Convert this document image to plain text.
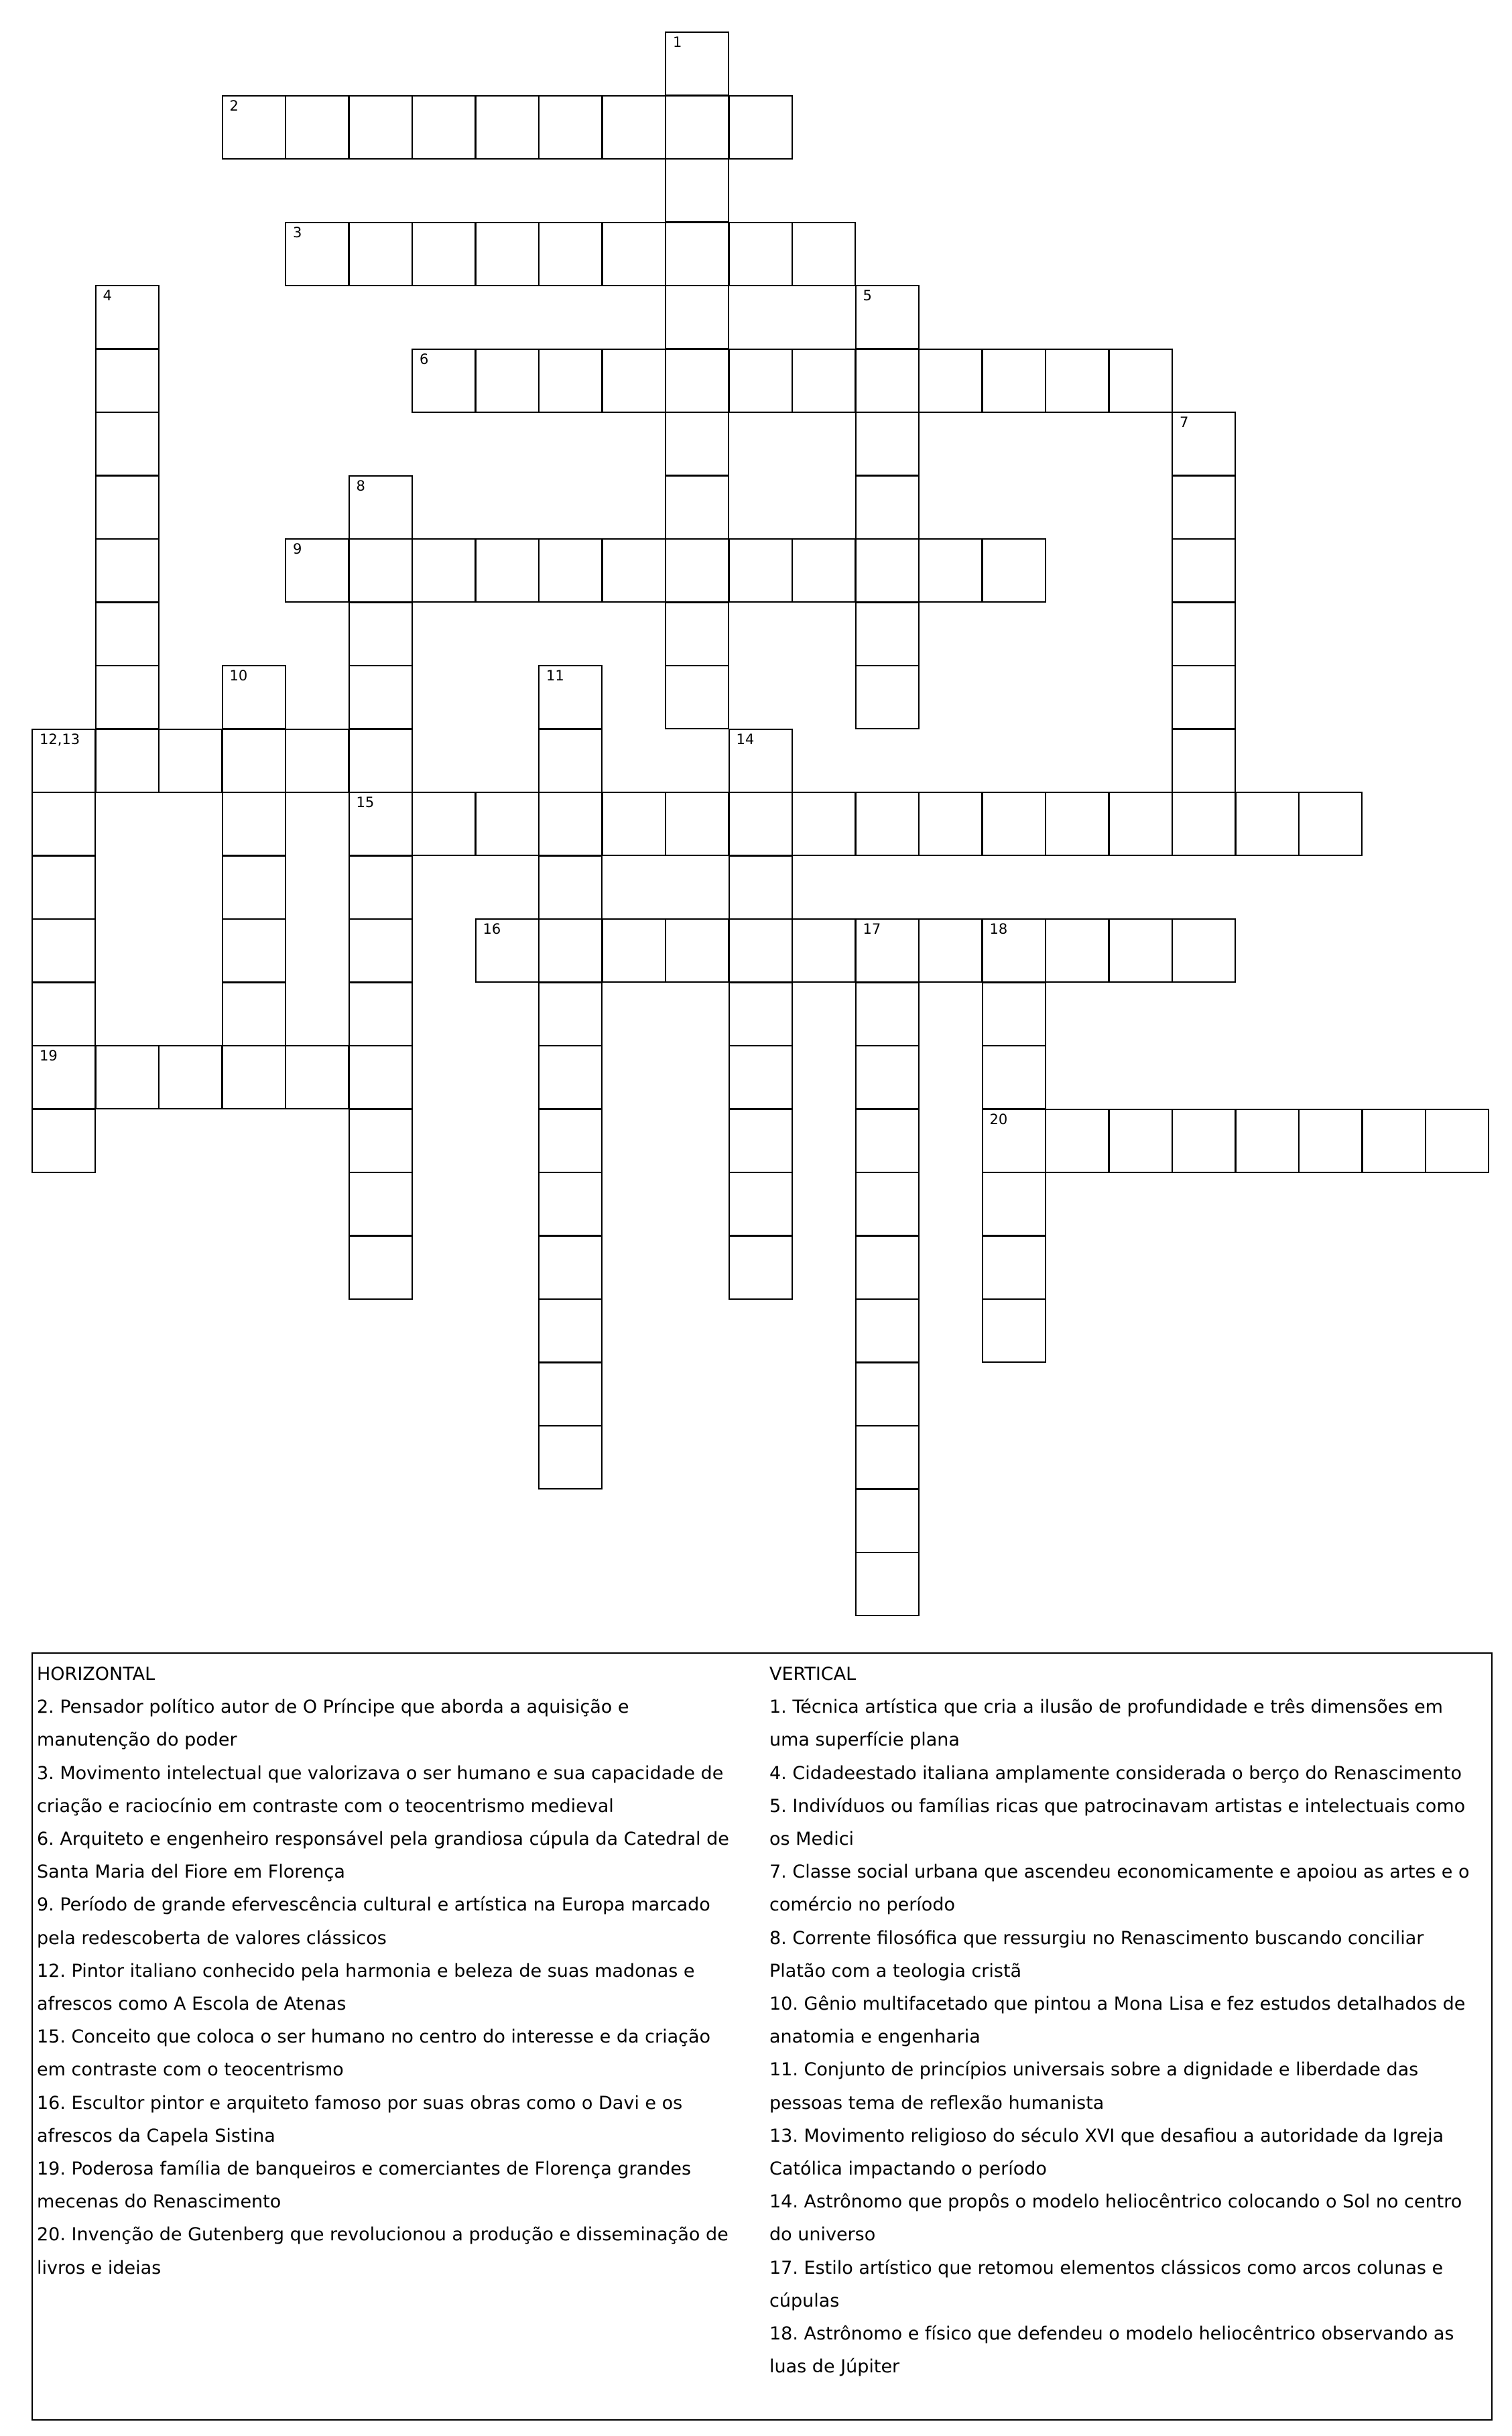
1
2
3
4	5
6
7
8
15
9
10	11
12,13
19
14
16	17	18
20
HORIZONTAL
2. Pensador político autor de O Príncipe que aborda a aquisição e manutenção do poder
3. Movimento intelectual que valorizava o ser humano e sua capacidade de criação e raciocínio em contraste com o teocentrismo medieval
6. Arquiteto e engenheiro responsável pela grandiosa cúpula da Catedral de Santa Maria del Fiore em Florença
9. Período de grande efervescência cultural e artística na Europa marcado pela redescoberta de valores clássicos
12. Pintor italiano conhecido pela harmonia e beleza de suas madonas e afrescos como A Escola de Atenas
15. Conceito que coloca o ser humano no centro do interesse e da criação em contraste com o teocentrismo
16. Escultor pintor e arquiteto famoso por suas obras como o Davi e os afrescos da Capela Sistina
19. Poderosa família de banqueiros e comerciantes de Florença grandes mecenas do Renascimento
20. Invenção de Gutenberg que revolucionou a produção e disseminação de livros e ideias
VERTICAL
1. Técnica artística que cria a ilusão de profundidade e três dimensões em uma superfície plana
4. Cidadeestado italiana amplamente considerada o berço do Renascimento
5. Indivíduos ou famílias ricas que patrocinavam artistas e intelectuais como os Medici
7. Classe social urbana que ascendeu economicamente e apoiou as artes e o comércio no período
8. Corrente filosófica que ressurgiu no Renascimento buscando conciliar Platão com a teologia cristã
10. Gênio multifacetado que pintou a Mona Lisa e fez estudos detalhados de anatomia e engenharia
11. Conjunto de princípios universais sobre a dignidade e liberdade das pessoas tema de reflexão humanista
13. Movimento religioso do século XVI que desafiou a autoridade da Igreja Católica impactando o período
14. Astrônomo que propôs o modelo heliocêntrico colocando o Sol no centro do universo
17. Estilo artístico que retomou elementos clássicos como arcos colunas e cúpulas
18. Astrônomo e físico que defendeu o modelo heliocêntrico observando as luas de Júpiter
